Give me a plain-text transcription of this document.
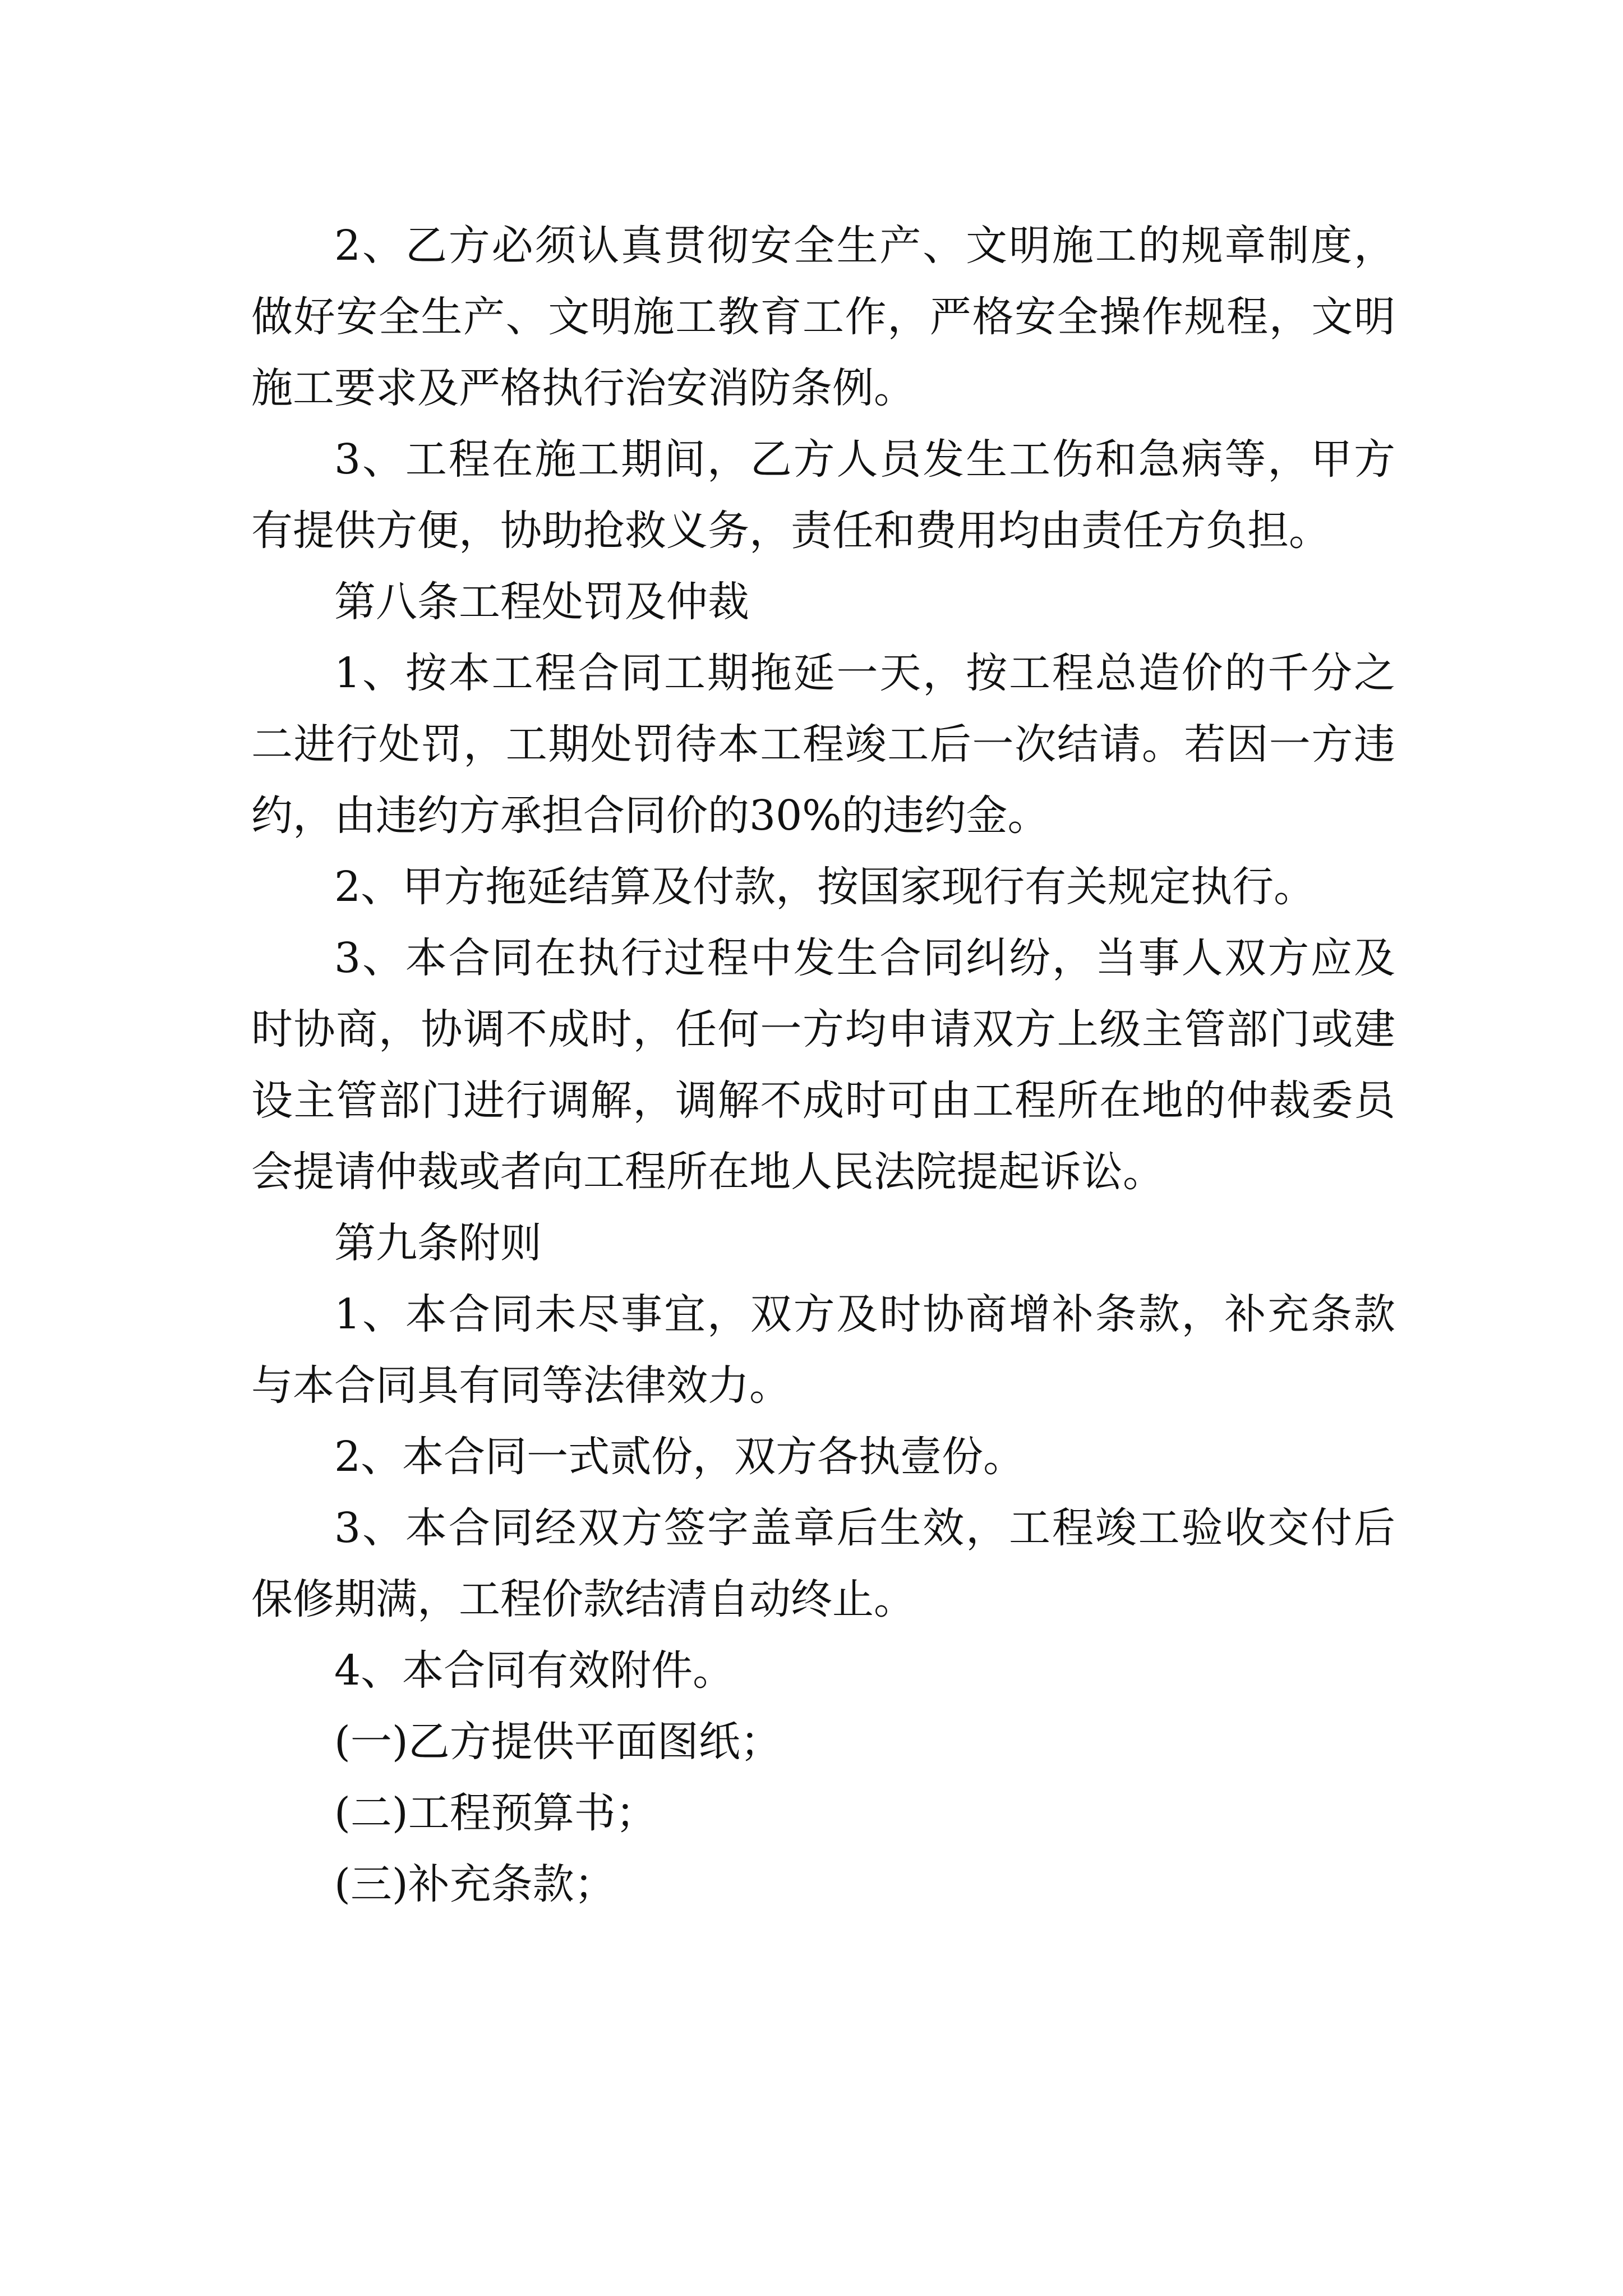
2、乙方必须认真贯彻安全生产、文明施工的规章制度，做好安全生产、文明施工教育工作，严格安全操作规程，文明施工要求及严格执行治安消防条例。

3、工程在施工期间，乙方人员发生工伤和急病等，甲方有提供方便，协助抢救义务，责任和费用均由责任方负担。

第八条工程处罚及仲裁

1、按本工程合同工期拖延一天，按工程总造价的千分之二进行处罚，工期处罚待本工程竣工后一次结请。若因一方违约，由违约方承担合同价的30%的违约金。

2、甲方拖延结算及付款，按国家现行有关规定执行。

3、本合同在执行过程中发生合同纠纷，当事人双方应及时协商，协调不成时，任何一方均申请双方上级主管部门或建设主管部门进行调解，调解不成时可由工程所在地的仲裁委员会提请仲裁或者向工程所在地人民法院提起诉讼。

第九条附则

1、本合同未尽事宜，双方及时协商增补条款，补充条款与本合同具有同等法律效力。

2、本合同一式贰份，双方各执壹份。

3、本合同经双方签字盖章后生效，工程竣工验收交付后保修期满，工程价款结清自动终止。

4、本合同有效附件。

(一)乙方提供平面图纸；

(二)工程预算书；

(三)补充条款；
